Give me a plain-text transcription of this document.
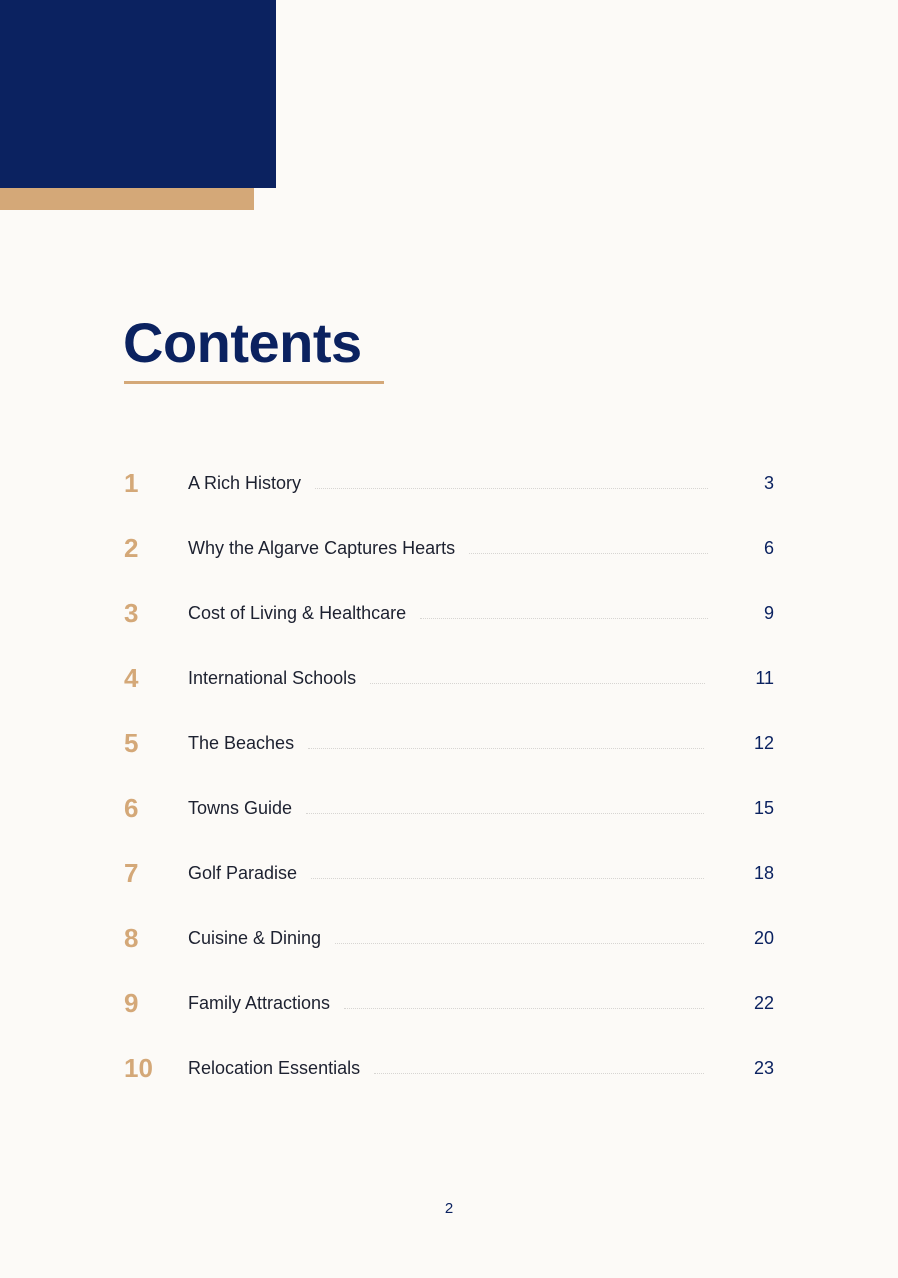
Contents
1	A Rich History	3
2	Why the Algarve Captures Hearts	6
3	Cost of Living & Healthcare	9
4	International Schools	11
5	The Beaches	12
6	Towns Guide	15
7	Golf Paradise	18
8	Cuisine & Dining	20
9	Family Attractions	22
10	Relocation Essentials	23
2
